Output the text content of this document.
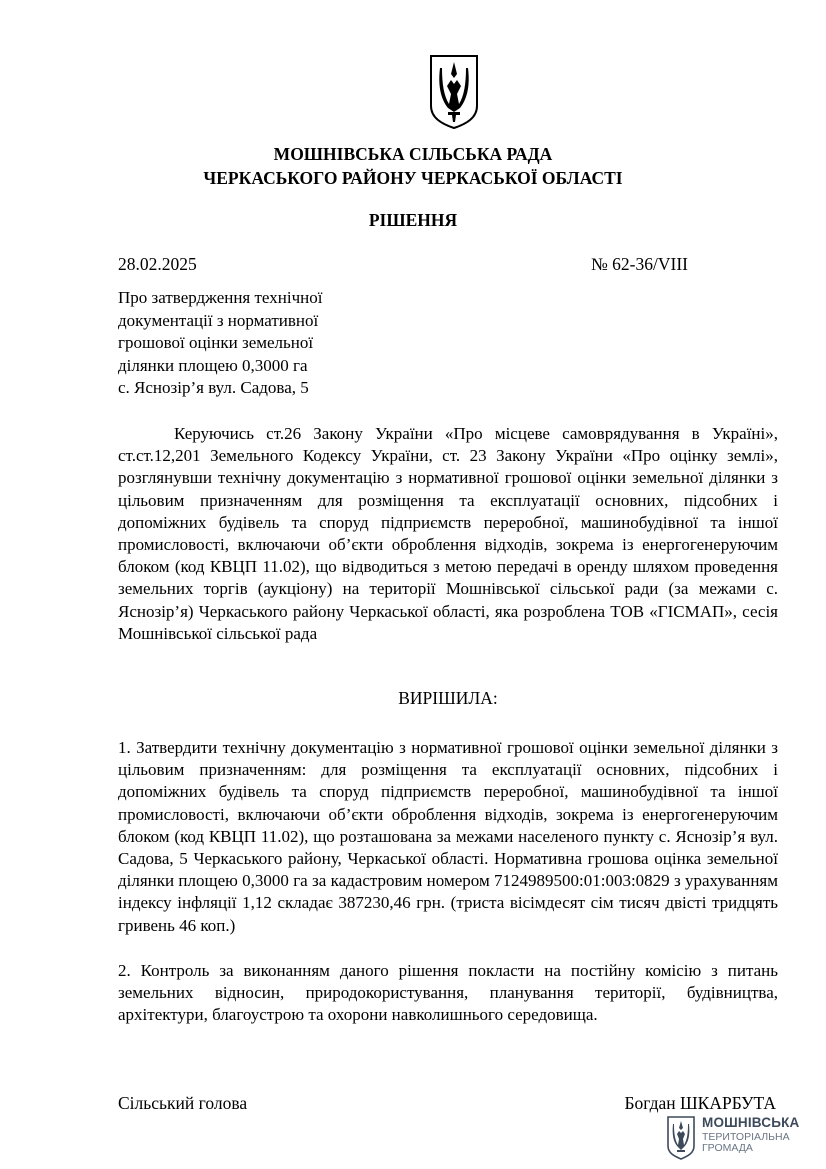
МОШНІВСЬКА СІЛЬСЬКА РАДА
ЧЕРКАСЬКОГО РАЙОНУ ЧЕРКАСЬКОЇ ОБЛАСТІ
РІШЕННЯ
28.02.2025	№ 62-36/VIII
Про затвердження технічної
документації з нормативної
грошової оцінки земельної
ділянки площею 0,3000 га
с. Яснозір’я вул. Садова, 5
Керуючись ст.26 Закону України «Про місцеве самоврядування в Україні», ст.ст.12,201 Земельного Кодексу України, ст. 23 Закону України «Про оцінку землі», розглянувши технічну документацію з нормативної грошової оцінки земельної ділянки з цільовим призначенням для розміщення та експлуатації основних, підсобних і допоміжних будівель та споруд підприємств переробної, машинобудівної та іншої промисловості, включаючи об’єкти оброблення відходів, зокрема із енергогенеруючим блоком (код КВЦП 11.02), що відводиться з метою передачі в оренду шляхом проведення земельних торгів (аукціону) на території Мошнівської сільської ради (за межами с. Яснозір’я) Черкаського району Черкаської області, яка розроблена ТОВ «ГІСМАП», сесія Мошнівської сільської рада
ВИРІШИЛА:
1. Затвердити технічну документацію з нормативної грошової оцінки земельної ділянки з цільовим призначенням: для розміщення та експлуатації основних, підсобних і допоміжних будівель та споруд підприємств переробної, машинобудівної та іншої промисловості, включаючи об’єкти оброблення відходів, зокрема із енергогенеруючим блоком (код КВЦП 11.02), що розташована за межами населеного пункту с. Яснозір’я вул. Садова, 5 Черкаського району, Черкаської області. Нормативна грошова оцінка земельної ділянки площею 0,3000 га за кадастровим номером 7124989500:01:003:0829 з урахуванням індексу інфляції 1,12 складає 387230,46 грн. (триста вісімдесят сім тисяч двісті тридцять гривень 46 коп.)
2. Контроль за виконанням даного рішення покласти на постійну комісію з питань земельних відносин, природокористування, планування території, будівництва, архітектури, благоустрою та охорони навколишнього середовища.
Сільський голова	Богдан ШКАРБУТА
МОШНІВСЬКА
ТЕРИТОРІАЛЬНА
ГРОМАДА
